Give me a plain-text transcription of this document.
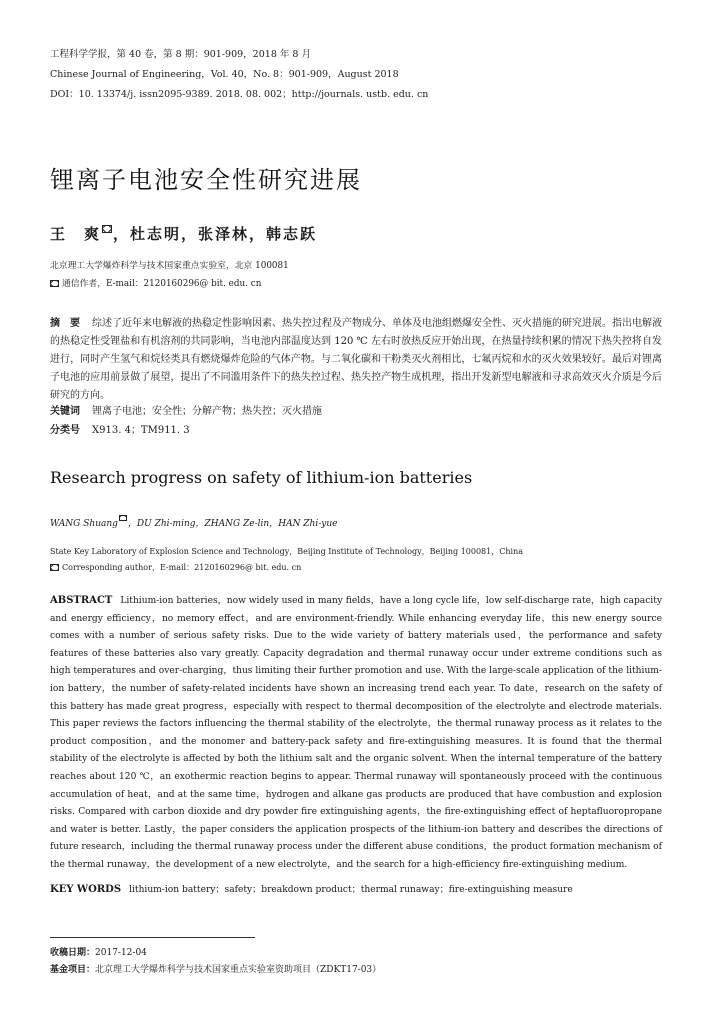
工程科学学报，第 40 卷，第 8 期：901-909，2018 年 8 月
Chinese Journal of Engineering，Vol. 40，No. 8：901-909，August 2018
DOI：10. 13374/j. issn2095-9389. 2018. 08. 002；http://journals. ustb. edu. cn
锂离子电池安全性研究进展
王　爽 ，杜志明，张泽林，韩志跃
北京理工大学爆炸科学与技术国家重点实验室，北京 100081
通信作者，E-mail：2120160296@ bit. edu. cn
摘　要 综述了近年来电解液的热稳定性影响因素、热失控过程及产物成分、单体及电池组燃爆安全性、灭火措施的研究进展。指出电解液的热稳定性受锂盐和有机溶剂的共同影响，当电池内部温度达到 120 ℃ 左右时放热反应开始出现，在热量持续积累的情况下热失控将自发进行，同时产生氢气和烷烃类具有燃烧爆炸危险的气体产物。与二氧化碳和干粉类灭火剂相比，七氟丙烷和水的灭火效果较好。最后对锂离子电池的应用前景做了展望，提出了不同滥用条件下的热失控过程、热失控产物生成机理，指出开发新型电解液和寻求高效灭火介质是今后研究的方向。
关键词 锂离子电池；安全性；分解产物；热失控；灭火措施
分类号 X913. 4；TM911. 3
Research progress on safety of lithium-ion batteries
WANG Shuang ，DU Zhi-ming，ZHANG Ze-lin，HAN Zhi-yue
State Key Laboratory of Explosion Science and Technology，Beijing Institute of Technology，Beijing 100081，China
Corresponding author，E-mail：2120160296@ bit. edu. cn
ABSTRACT Lithium-ion batteries，now widely used in many fields，have a long cycle life，low self-discharge rate，high capacity and energy efficiency，no memory effect，and are environment-friendly. While enhancing everyday life，this new energy source comes with a number of serious safety risks. Due to the wide variety of battery materials used，the performance and safety features of these batteries also vary greatly. Capacity degradation and thermal runaway occur under extreme conditions such as high temperatures and over-charging，thus limiting their further promotion and use. With the large-scale application of the lithium-ion battery，the number of safety-related incidents have shown an increasing trend each year. To date，research on the safety of this battery has made great progress，especially with respect to thermal decomposition of the electrolyte and electrode materials. This paper reviews the factors influencing the thermal stability of the electrolyte，the thermal runaway process as it relates to the product composition，and the monomer and battery-pack safety and fire-extinguishing measures. It is found that the thermal stability of the electrolyte is affected by both the lithium salt and the organic solvent. When the internal temperature of the battery reaches about 120 ℃，an exothermic reaction begins to appear. Thermal runaway will spontaneously proceed with the continuous accumulation of heat，and at the same time，hydrogen and alkane gas products are produced that have combustion and explosion risks. Compared with carbon dioxide and dry powder fire extinguishing agents，the fire-extinguishing effect of heptafluoropropane and water is better. Lastly，the paper considers the application prospects of the lithium-ion battery and describes the directions of future research，including the thermal runaway process under the different abuse conditions，the product formation mechanism of the thermal runaway，the development of a new electrolyte，and the search for a high-efficiency fire-extinguishing medium.
KEY WORDS lithium-ion battery；safety；breakdown product；thermal runaway；fire-extinguishing measure
收稿日期：2017-12-04
基金项目：北京理工大学爆炸科学与技术国家重点实验室资助项目（ZDKT17-03）
